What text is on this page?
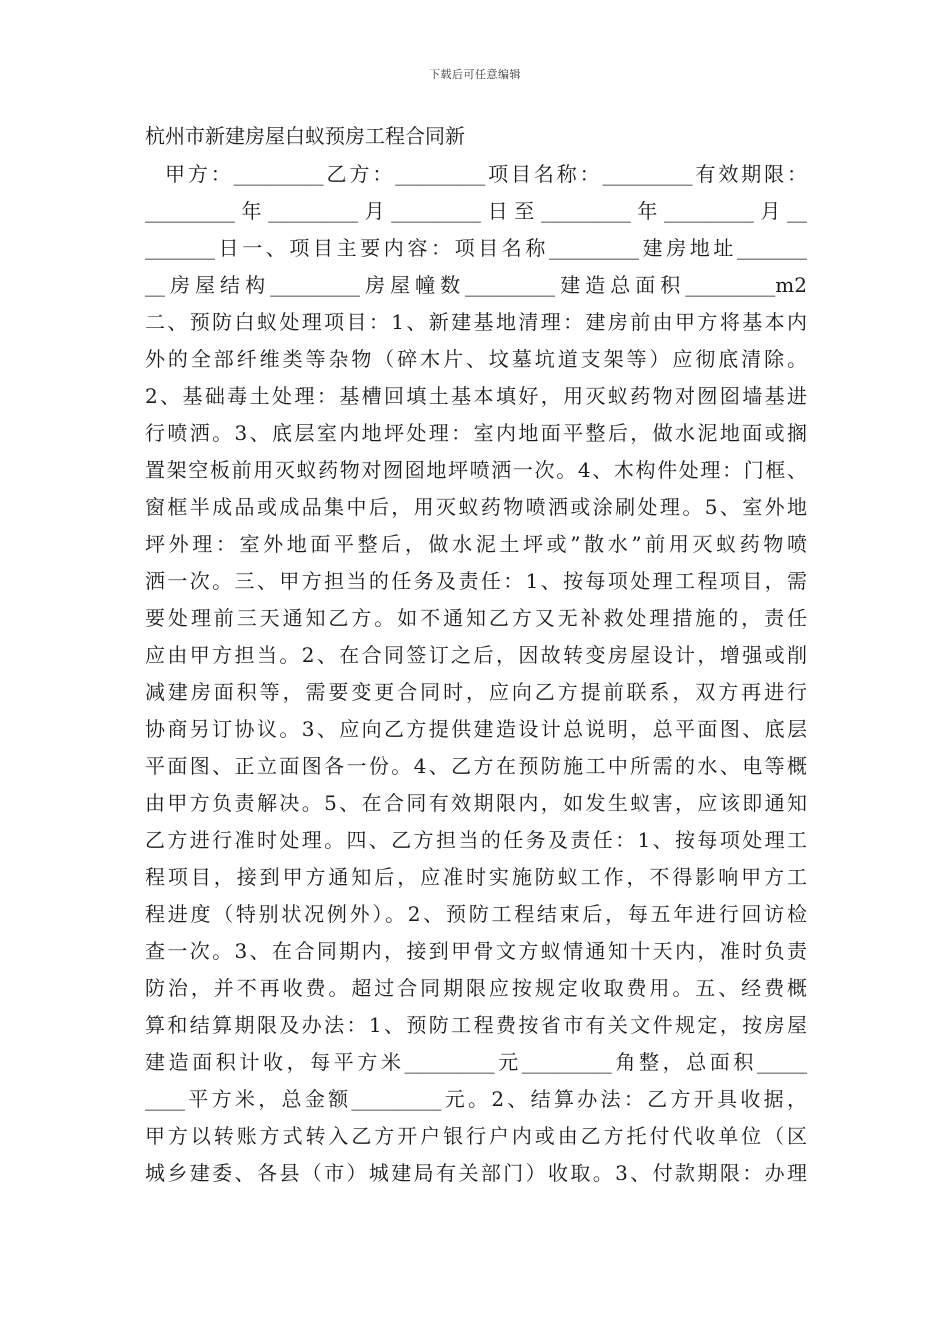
下载后可任意编辑
杭州市新建房屋白蚁预房工程合同新
甲方：_________乙方：_________项目名称：_________有效期限：
_________年_________月_________日至_________年_________月__
_______日一、项目主要内容：项目名称_________建房地址_______
__房屋结构_________房屋幢数_________建造总面积_________m2
二、预防白蚁处理项目：1、新建基地清理：建房前由甲方将基本内
外的全部纤维类等杂物（碎木片、坟墓坑道支架等）应彻底清除。
2、基础毒土处理：基槽回填土基本填好，用灭蚁药物对囫囵墙基进
行喷洒。3、底层室内地坪处理：室内地面平整后，做水泥地面或搁
置架空板前用灭蚁药物对囫囵地坪喷洒一次。4、木构件处理：门框、
窗框半成品或成品集中后，用灭蚁药物喷洒或涂刷处理。5、室外地
坪外理：室外地面平整后，做水泥土坪或”散水”前用灭蚁药物喷
洒一次。三、甲方担当的任务及责任：1、按每项处理工程项目，需
要处理前三天通知乙方。如不通知乙方又无补救处理措施的，责任
应由甲方担当。2、在合同签订之后，因故转变房屋设计，增强或削
减建房面积等，需要变更合同时，应向乙方提前联系，双方再进行
协商另订协议。3、应向乙方提供建造设计总说明，总平面图、底层
平面图、正立面图各一份。4、乙方在预防施工中所需的水、电等概
由甲方负责解决。5、在合同有效期限内，如发生蚁害，应该即通知
乙方进行准时处理。四、乙方担当的任务及责任：1、按每项处理工
程项目，接到甲方通知后，应准时实施防蚁工作，不得影响甲方工
程进度（特别状况例外）。2、预防工程结束后，每五年进行回访检
查一次。3、在合同期内，接到甲骨文方蚁情通知十天内，准时负责
防治，并不再收费。超过合同期限应按规定收取费用。五、经费概
算和结算期限及办法：1、预防工程费按省市有关文件规定，按房屋
建造面积计收，每平方米_________元_________角整，总面积_____
____平方米，总金额_________元。2、结算办法：乙方开具收据，
甲方以转账方式转入乙方开户银行户内或由乙方托付代收单位（区
城乡建委、各县（市）城建局有关部门）收取。3、付款期限：办理
